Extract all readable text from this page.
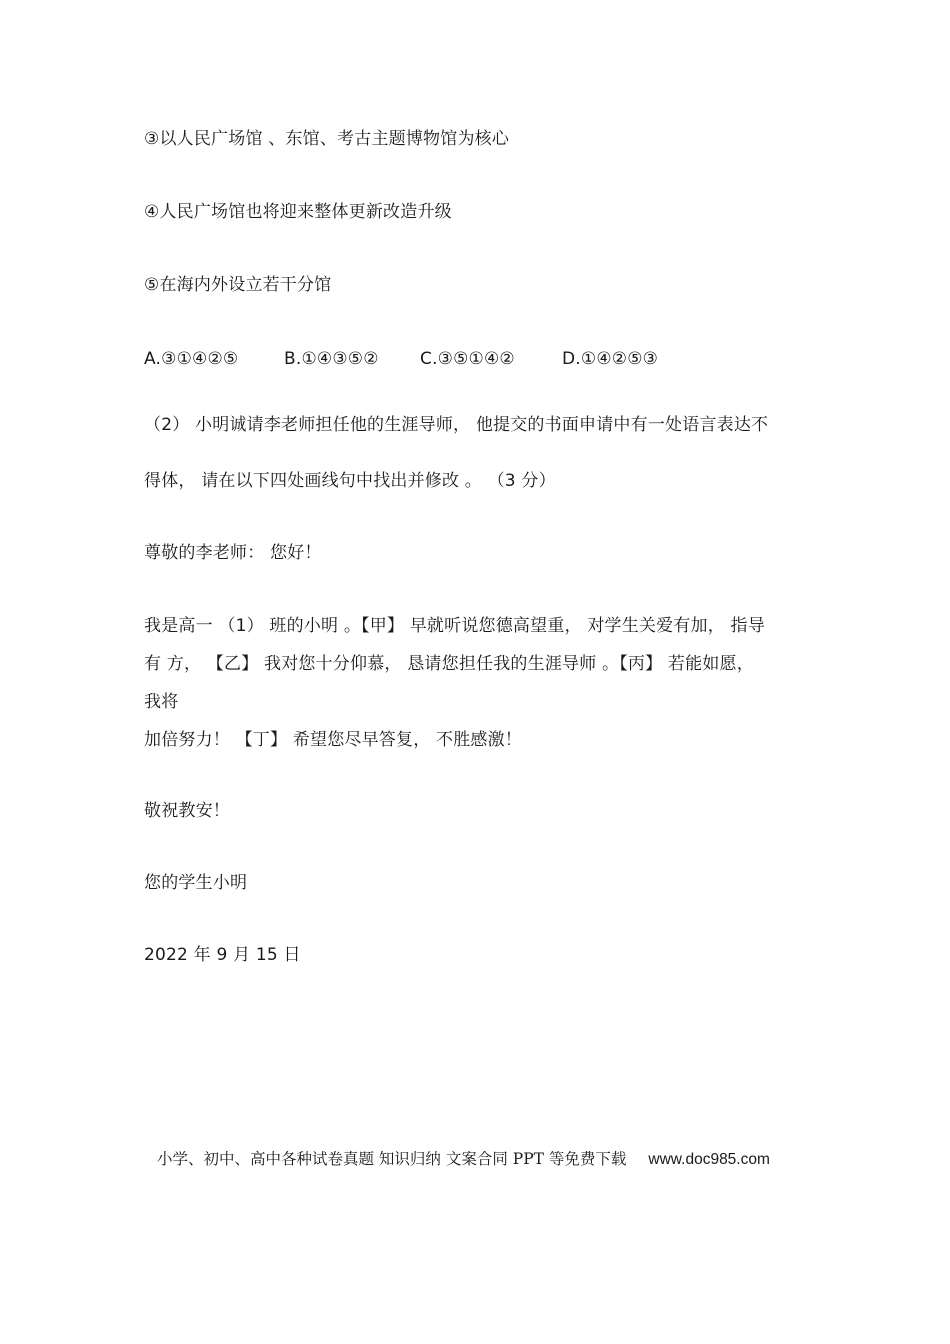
③以人民广场馆 、东馆、考古主题博物馆为核心
④人民广场馆也将迎来整体更新改造升级
⑤在海内外设立若干分馆
A.③①④②⑤	B.①④③⑤② C.③⑤①④②	D.①④②⑤③
（2） 小明诚请李老师担任他的生涯导师， 他提交的书面申请中有一处语言表达不
得体， 请在以下四处画线句中找出并修改 。 （3 分）
尊敬的李老师： 您好！
我是高一 （1） 班的小明 。【甲】 早就听说您德高望重， 对学生关爱有加， 指导
有 方， 【乙】 我对您十分仰慕， 恳请您担任我的生涯导师 。【丙】 若能如愿，
我将
加倍努力！ 【丁】 希望您尽早答复， 不胜感激！
敬祝教安！
您的学生小明
2022 年 9 月 15 日
小学、初中、高中各种试卷真题 知识归纳 文案合同 PPT 等免费下载 www.doc985.com
